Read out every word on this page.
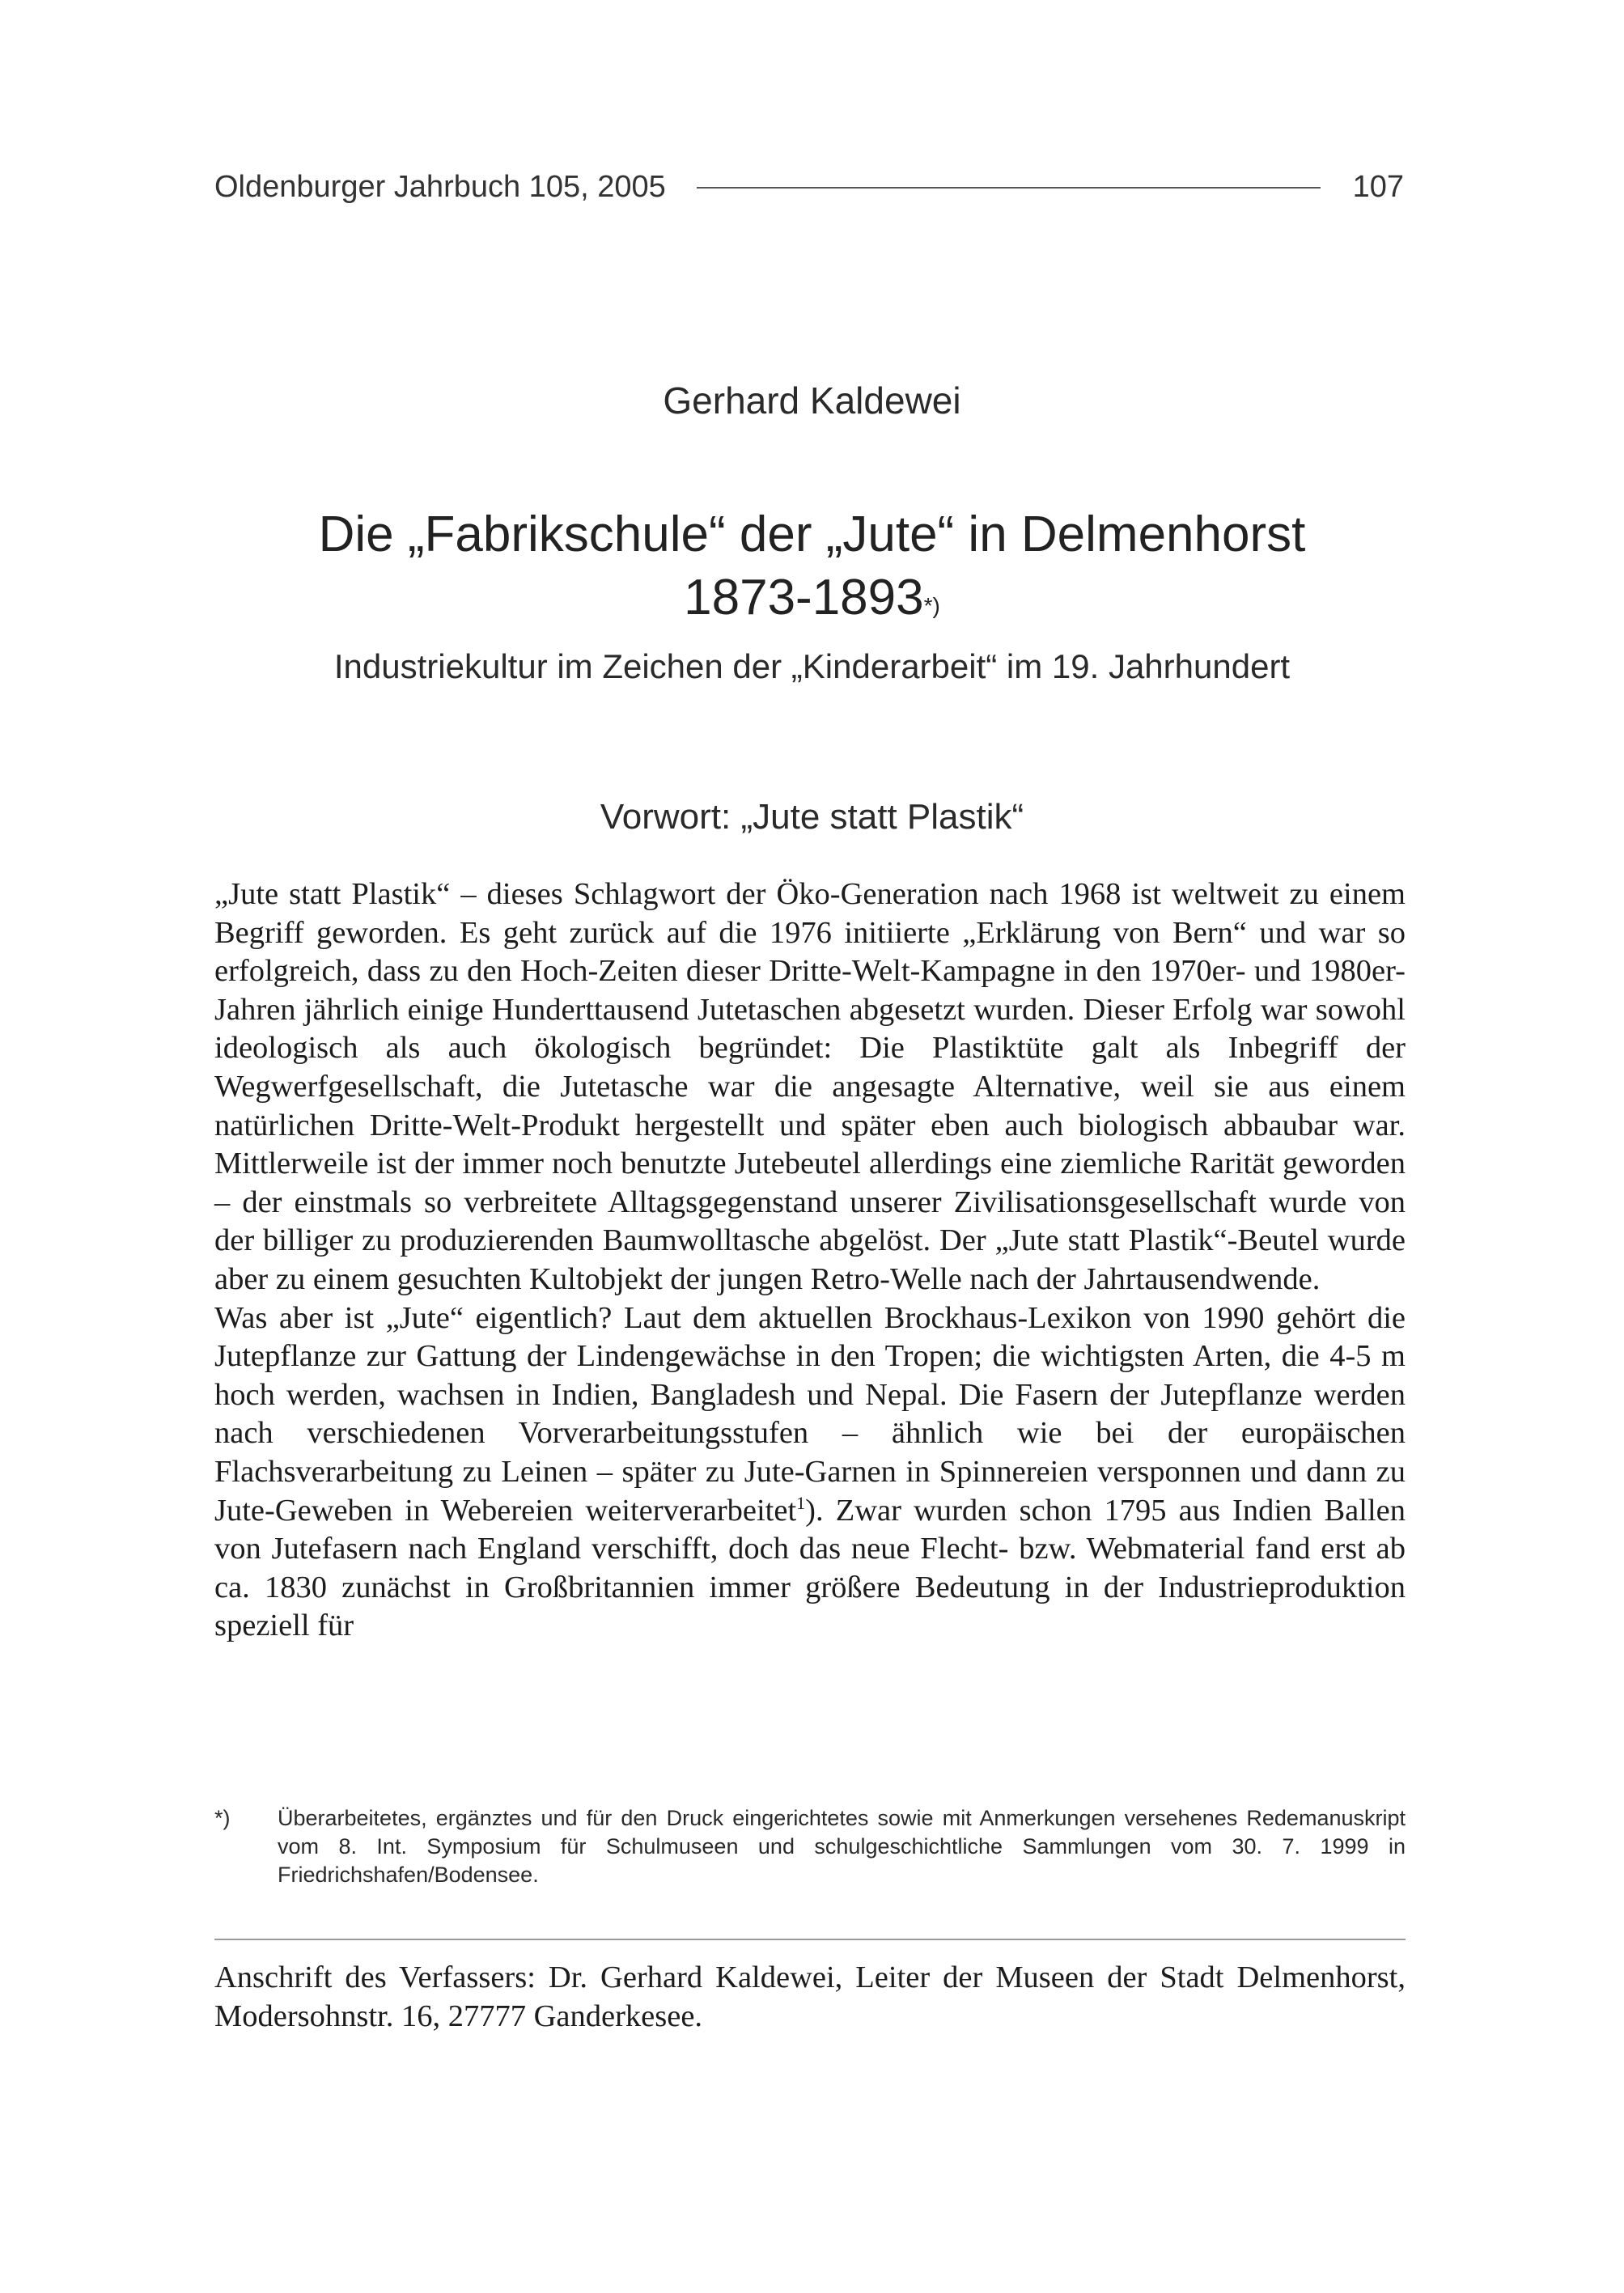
Oldenburger Jahrbuch 105, 2005	107
Gerhard Kaldewei
Die „Fabrikschule“ der „Jute“ in Delmenhorst
1873-1893*)
Industriekultur im Zeichen der „Kinderarbeit“ im 19. Jahrhundert
Vorwort: „Jute statt Plastik“

„Jute statt Plastik“ – dieses Schlagwort der Öko-Generation nach 1968 ist weltweit zu einem Begriff geworden. Es geht zurück auf die 1976 initiierte „Erklärung von Bern“ und war so erfolgreich, dass zu den Hoch-Zeiten dieser Dritte-Welt-Kampagne in den 1970er- und 1980er-Jahren jährlich einige Hunderttausend Jutetaschen abgesetzt wurden. Dieser Erfolg war sowohl ideologisch als auch ökologisch begründet: Die Plastiktüte galt als Inbegriff der Wegwerfgesellschaft, die Jutetasche war die angesagte Alternative, weil sie aus einem natürlichen Dritte-Welt-Produkt hergestellt und später eben auch biologisch abbaubar war. Mittlerweile ist der immer noch benutzte Jutebeutel allerdings eine ziemliche Rarität geworden – der einstmals so verbreitete Alltagsgegenstand unserer Zivilisationsgesellschaft wurde von der billiger zu produzierenden Baumwolltasche abgelöst. Der „Jute statt Plastik“-Beutel wurde aber zu einem gesuchten Kultobjekt der jungen Retro-Welle nach der Jahrtausendwende.

Was aber ist „Jute“ eigentlich? Laut dem aktuellen Brockhaus-Lexikon von 1990 gehört die Jutepflanze zur Gattung der Lindengewächse in den Tropen; die wichtigsten Arten, die 4-5 m hoch werden, wachsen in Indien, Bangladesh und Nepal. Die Fasern der Jutepflanze werden nach verschiedenen Vorverarbeitungsstufen – ähnlich wie bei der europäischen Flachsverarbeitung zu Leinen – später zu Jute-Garnen in Spinnereien versponnen und dann zu Jute-Geweben in Webereien weiterverarbeitet$^1$). Zwar wurden schon 1795 aus Indien Ballen von Jutefasern nach England verschifft, doch das neue Flecht- bzw. Webmaterial fand erst ab ca. 1830 zunächst in Großbritannien immer größere Bedeutung in der Industrieproduktion speziell für

*)	Überarbeitetes, ergänztes und für den Druck eingerichtetes sowie mit Anmerkungen versehenes Redemanuskript vom 8. Int. Symposium für Schulmuseen und schulgeschichtliche Sammlungen vom 30. 7. 1999 in Friedrichshafen/Bodensee.
Anschrift des Verfassers: Dr. Gerhard Kaldewei, Leiter der Museen der Stadt Delmenhorst, Modersohnstr. 16, 27777 Ganderkesee.
